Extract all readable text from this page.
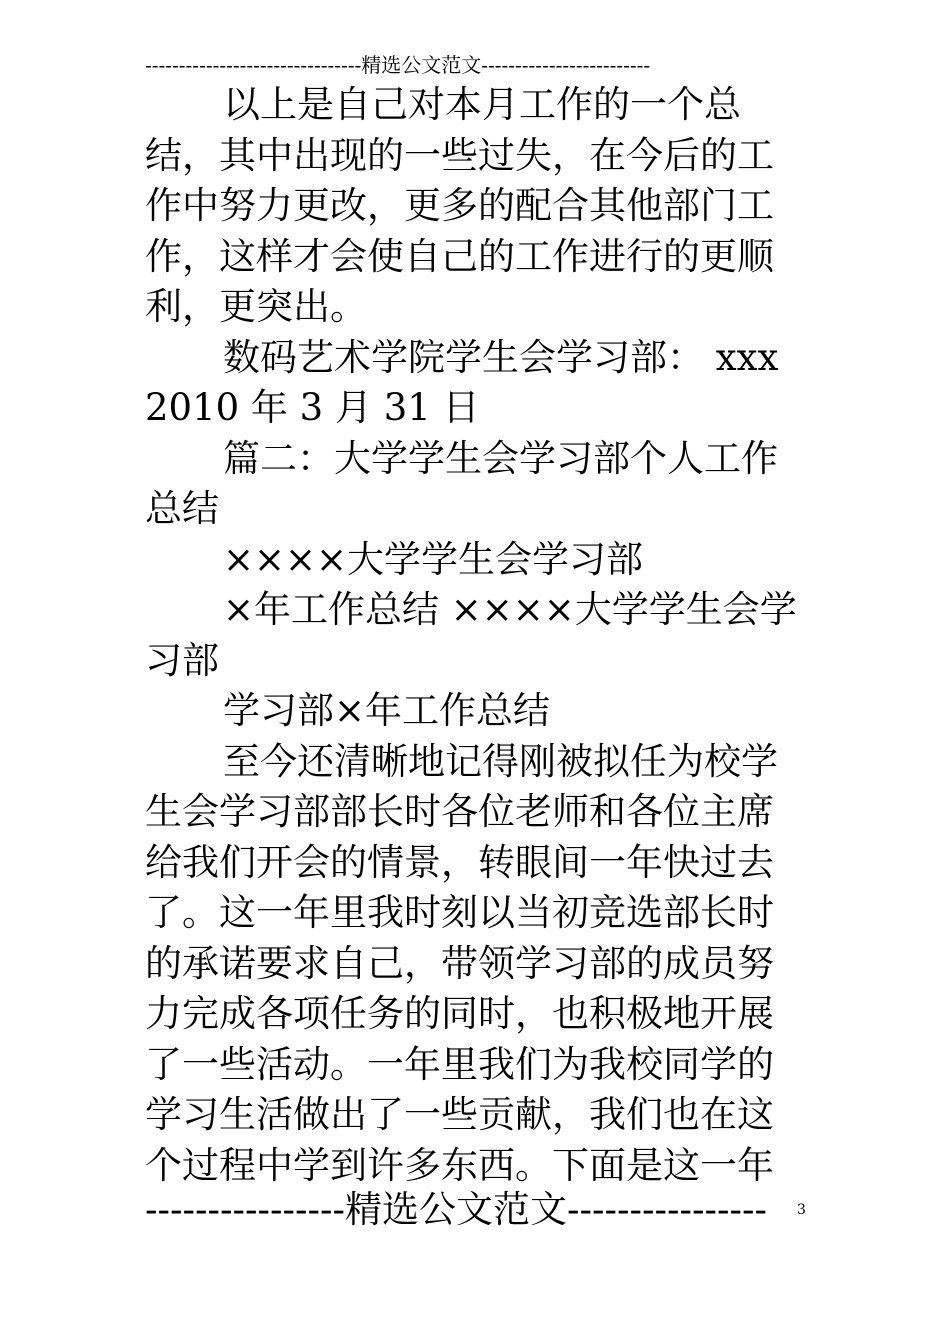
--------------------------------精选公文范文-------------------------
以上是自己对本月工作的一个总
结，其中出现的一些过失，在今后的工
作中努力更改，更多的配合其他部门工
作，这样才会使自己的工作进行的更顺
利，更突出。
数码艺术学院学生会学习部： xxx
2010 年 3 月 31 日
篇二：大学学生会学习部个人工作
总结
××××大学学生会学习部
×年工作总结 ××××大学学生会学
习部
学习部×年工作总结
至今还清晰地记得刚被拟任为校学
生会学习部部长时各位老师和各位主席
给我们开会的情景，转眼间一年快过去
了。这一年里我时刻以当初竞选部长时
的承诺要求自己，带领学习部的成员努
力完成各项任务的同时，也积极地开展
了一些活动。一年里我们为我校同学的
学习生活做出了一些贡献，我们也在这
个过程中学到许多东西。下面是这一年
----------------精选公文范文----------------	3
